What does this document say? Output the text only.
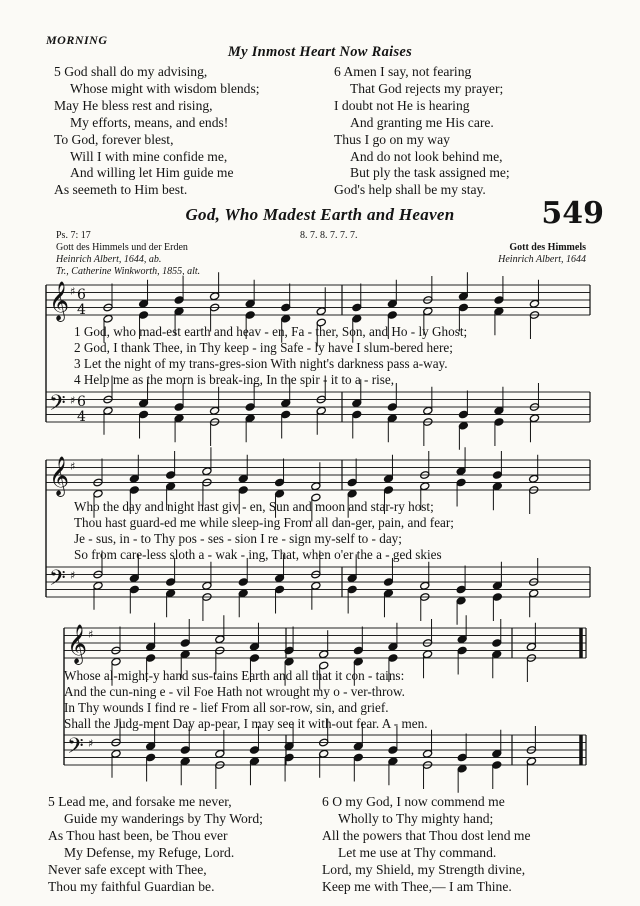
MORNING
My Inmost Heart Now Raises
5 God shall do my advising,
Whose might with wisdom blends;
May He bless rest and rising,
My efforts, means, and ends!
To God, forever blest,
Will I with mine confide me,
And willing let Him guide me
As seemeth to Him best.
6 Amen I say, not fearing
That God rejects my prayer;
I doubt not He is hearing
And granting me His care.
Thus I go on my way
And do not look behind me,
But ply the task assigned me;
God's help shall be my stay.
God, Who Madest Earth and Heaven	549
Ps. 7: 17
Gott des Himmels und der Erden
Heinrich Albert, 1644, ab.
Tr., Catherine Winkworth, 1855, alt.
8. 7. 8. 7. 7. 7.
Gott des Himmels
Heinrich Albert, 1644
𝄞
𝄢
♯
♯
6
4
6
4
𝄞
𝄢
♯
♯
𝄞
𝄢
♯
♯
1 God, who mad-est earth and heav - en, Fa - ther, Son, and Ho - ly Ghost;
2 God, I thank Thee, in Thy keep - ing Safe - ly have I slum-bered here;
3 Let the night of my trans-gres-sion With night's darkness pass a-way.
4 Help me as the morn is break-ing, In the spir - it to a - rise,
Who the day and night hast giv - en, Sun and moon and star-ry host;
Thou hast guard-ed me while sleep-ing From all dan-ger, pain, and fear;
Je - sus, in - to Thy pos - ses - sion I re - sign my-self to - day;
So from care-less sloth a - wak - ing, That, when o'er the a - ged skies
Whose al-might-y hand sus-tains Earth and all that it con - tains:
And the cun-ning e - vil Foe Hath not wrought my o - ver-throw.
In Thy wounds I find re - lief From all sor-row, sin, and grief.
Shall the Judg-ment Day ap-pear, I may see it with-out fear. A - men.
5 Lead me, and forsake me never,
Guide my wanderings by Thy Word;
As Thou hast been, be Thou ever
My Defense, my Refuge, Lord.
Never safe except with Thee,
Thou my faithful Guardian be.
6 O my God, I now commend me
Wholly to Thy mighty hand;
All the powers that Thou dost lend me
Let me use at Thy command.
Lord, my Shield, my Strength divine,
Keep me with Thee,— I am Thine.
